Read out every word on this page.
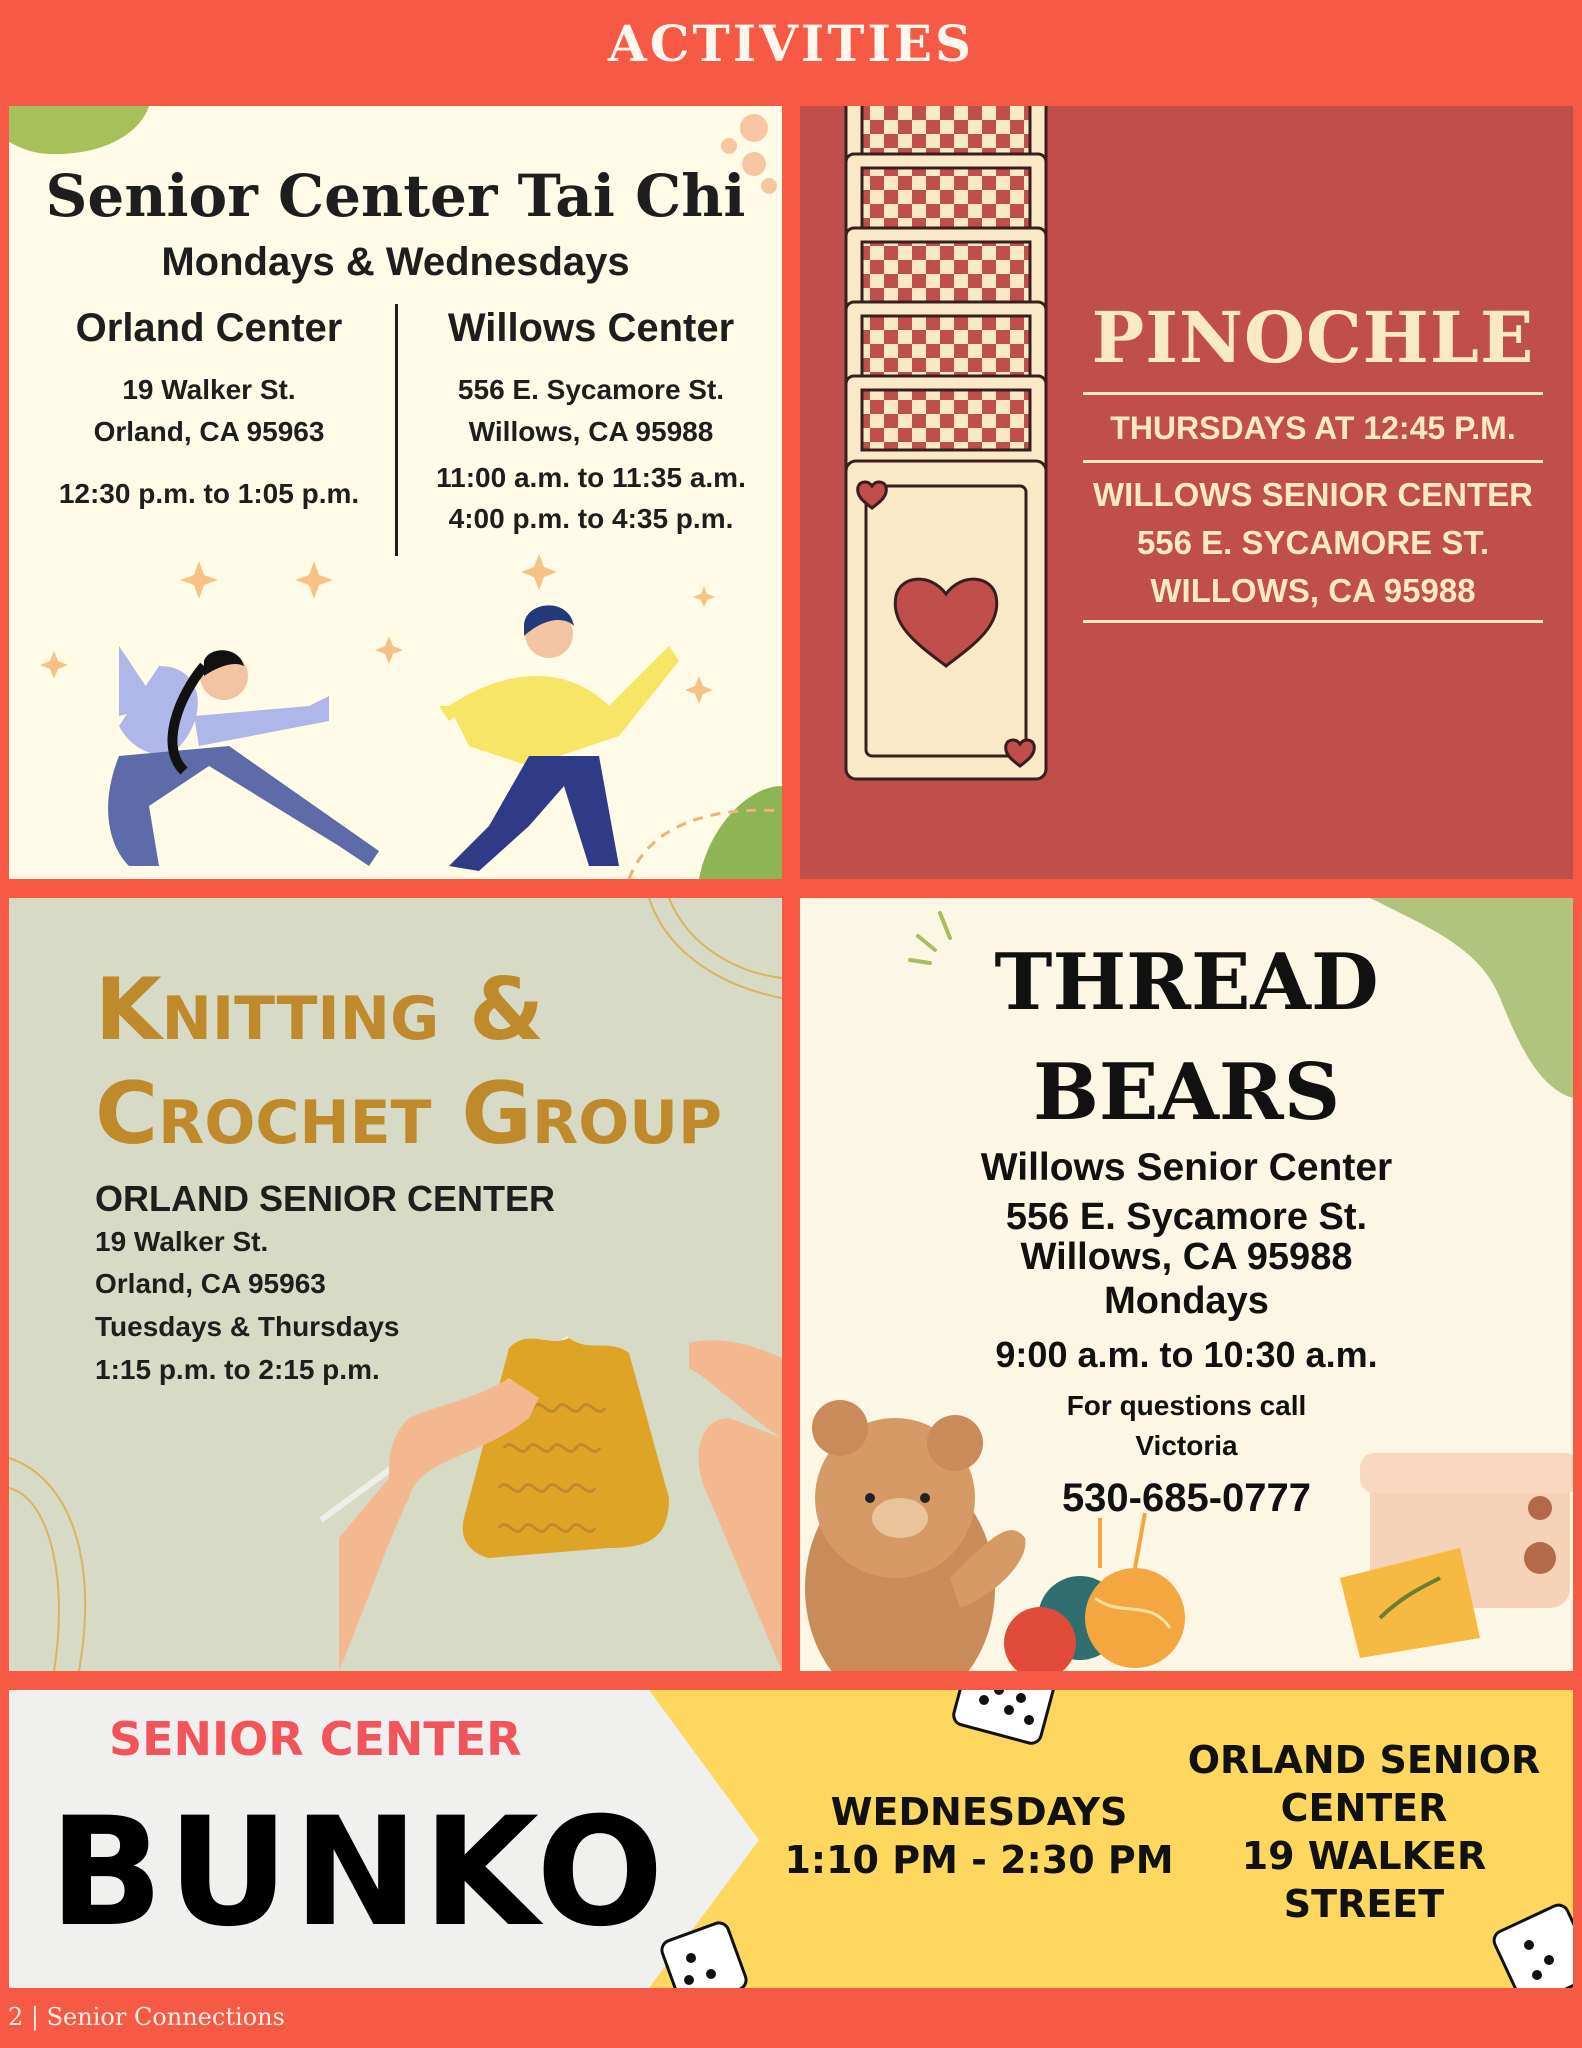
ACTIVITIES
Senior Center Tai Chi
Mondays & Wednesdays
Orland Center
19 Walker St.
Orland, CA 95963
12:30 p.m. to 1:05 p.m.
Willows Center
556 E. Sycamore St.
Willows, CA 95988
11:00 a.m. to 11:35 a.m.
4:00 p.m. to 4:35 p.m.
PINOCHLE
THURSDAYS AT 12:45 P.M.
WILLOWS SENIOR CENTER
556 E. SYCAMORE ST.
WILLOWS, CA 95988
Knitting &
Crochet Group
ORLAND SENIOR CENTER
19 Walker St.
Orland, CA 95963
Tuesdays & Thursdays
1:15 p.m. to 2:15 p.m.
THREAD
BEARS
Willows Senior Center
556 E. Sycamore St.
Willows, CA 95988
Mondays
9:00 a.m. to 10:30 a.m.
For questions call
Victoria
530-685-0777
SENIOR CENTER
BUNKO	WEDNESDAYS
1:10 PM - 2:30 PM
ORLAND SENIOR
CENTER
19 WALKER
STREET
2 | Senior Connections
